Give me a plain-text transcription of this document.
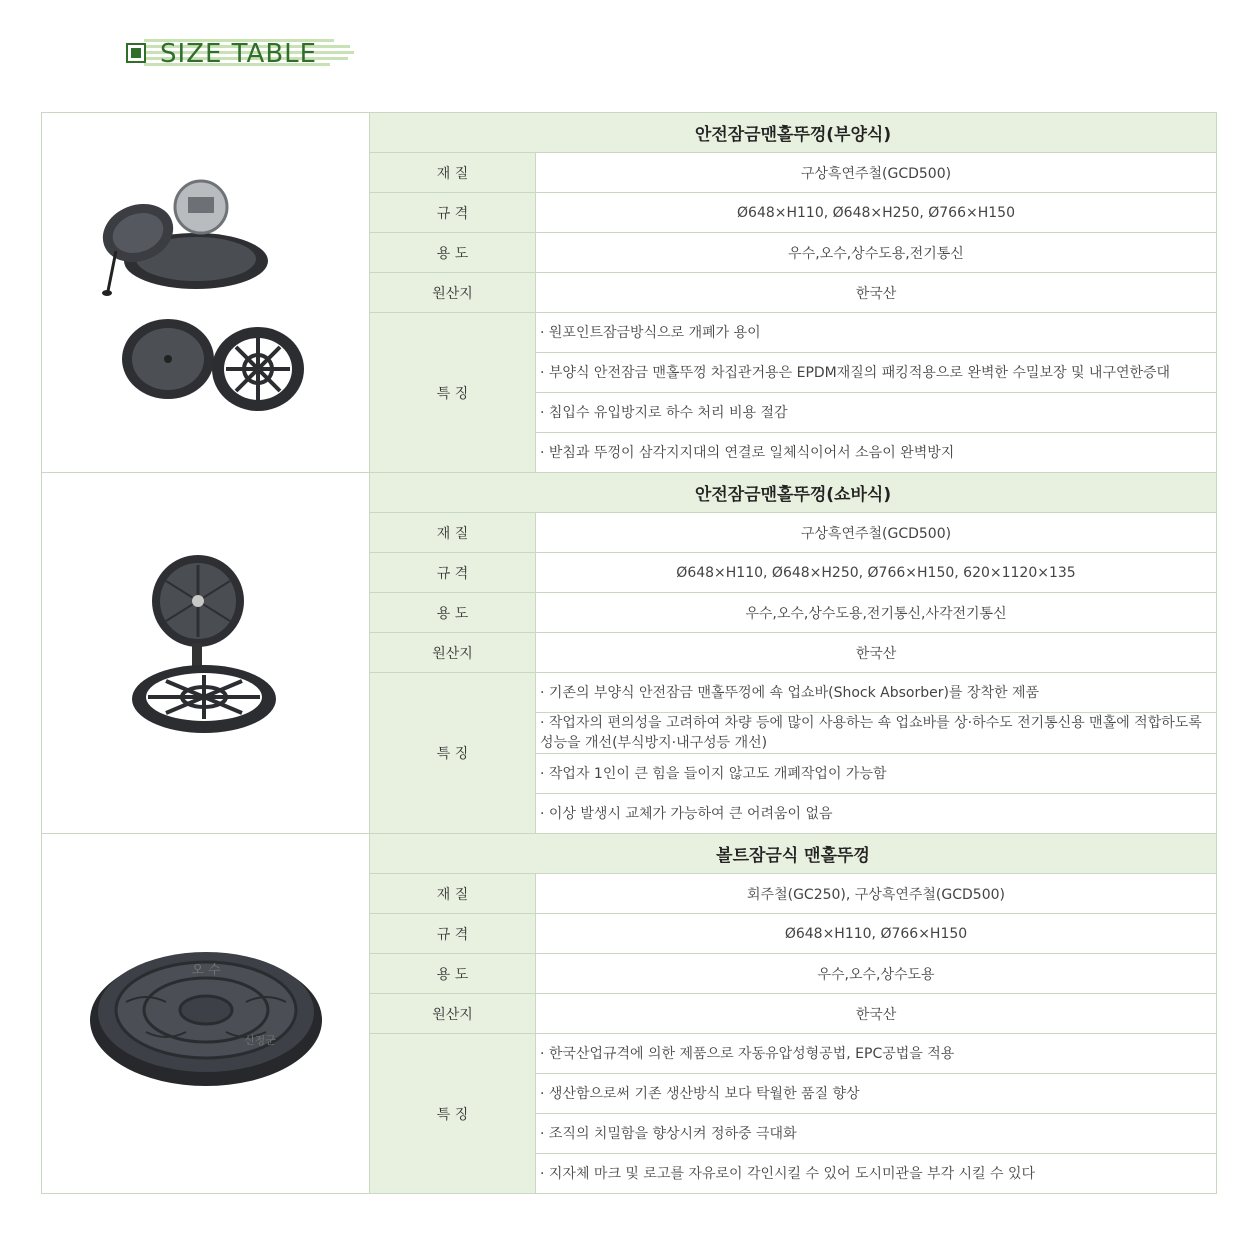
SIZE TABLE
	안전잠금맨홀뚜껑(부양식)	
	재 질	구상흑연주철(GCD500)
	규 격	Ø648×H110, Ø648×H250, Ø766×H150
	용 도	우수,오수,상수도용,전기통신
	원산지	한국산
	특 징	· 원포인트잠금방식으로 개폐가 용이
		· 부양식 안전잠금 맨홀뚜껑 차집관거용은 EPDM재질의 패킹적용으로 완벽한 수밀보장 및 내구연한증대
		· 침입수 유입방지로 하수 처리 비용 절감
		· 받침과 뚜껑이 삼각지지대의 연결로 일체식이어서 소음이 완벽방지

	안전잠금맨홀뚜껑(쇼바식)	
	재 질	구상흑연주철(GCD500)
	규 격	Ø648×H110, Ø648×H250, Ø766×H150, 620×1120×135
	용 도	우수,오수,상수도용,전기통신,사각전기통신
	원산지	한국산
	특 징	· 기존의 부양식 안전잠금 맨홀뚜껑에 쇽 업쇼바(Shock Absorber)를 장착한 제품
		· 작업자의 편의성을 고려하여 차량 등에 많이 사용하는 쇽 업쇼바를 상·하수도 전기통신용 맨홀에 적합하도록 성능을 개선(부식방지·내구성등 개선)
		· 작업자 1인이 큰 힘을 들이지 않고도 개폐작업이 가능함
		· 이상 발생시 교체가 가능하여 큰 어려움이 없음

오 수
신정군	볼트잠금식 맨홀뚜껑	
	재 질	회주철(GC250), 구상흑연주철(GCD500)
	규 격	Ø648×H110, Ø766×H150
	용 도	우수,오수,상수도용
	원산지	한국산
	특 징	· 한국산업규격에 의한 제품으로 자동유압성형공법, EPC공법을 적용
		· 생산함으로써 기존 생산방식 보다 탁월한 품질 향상
		· 조직의 치밀함을 향상시켜 정하중 극대화
		· 지자체 마크 및 로고를 자유로이 각인시킬 수 있어 도시미관을 부각 시킬 수 있다
